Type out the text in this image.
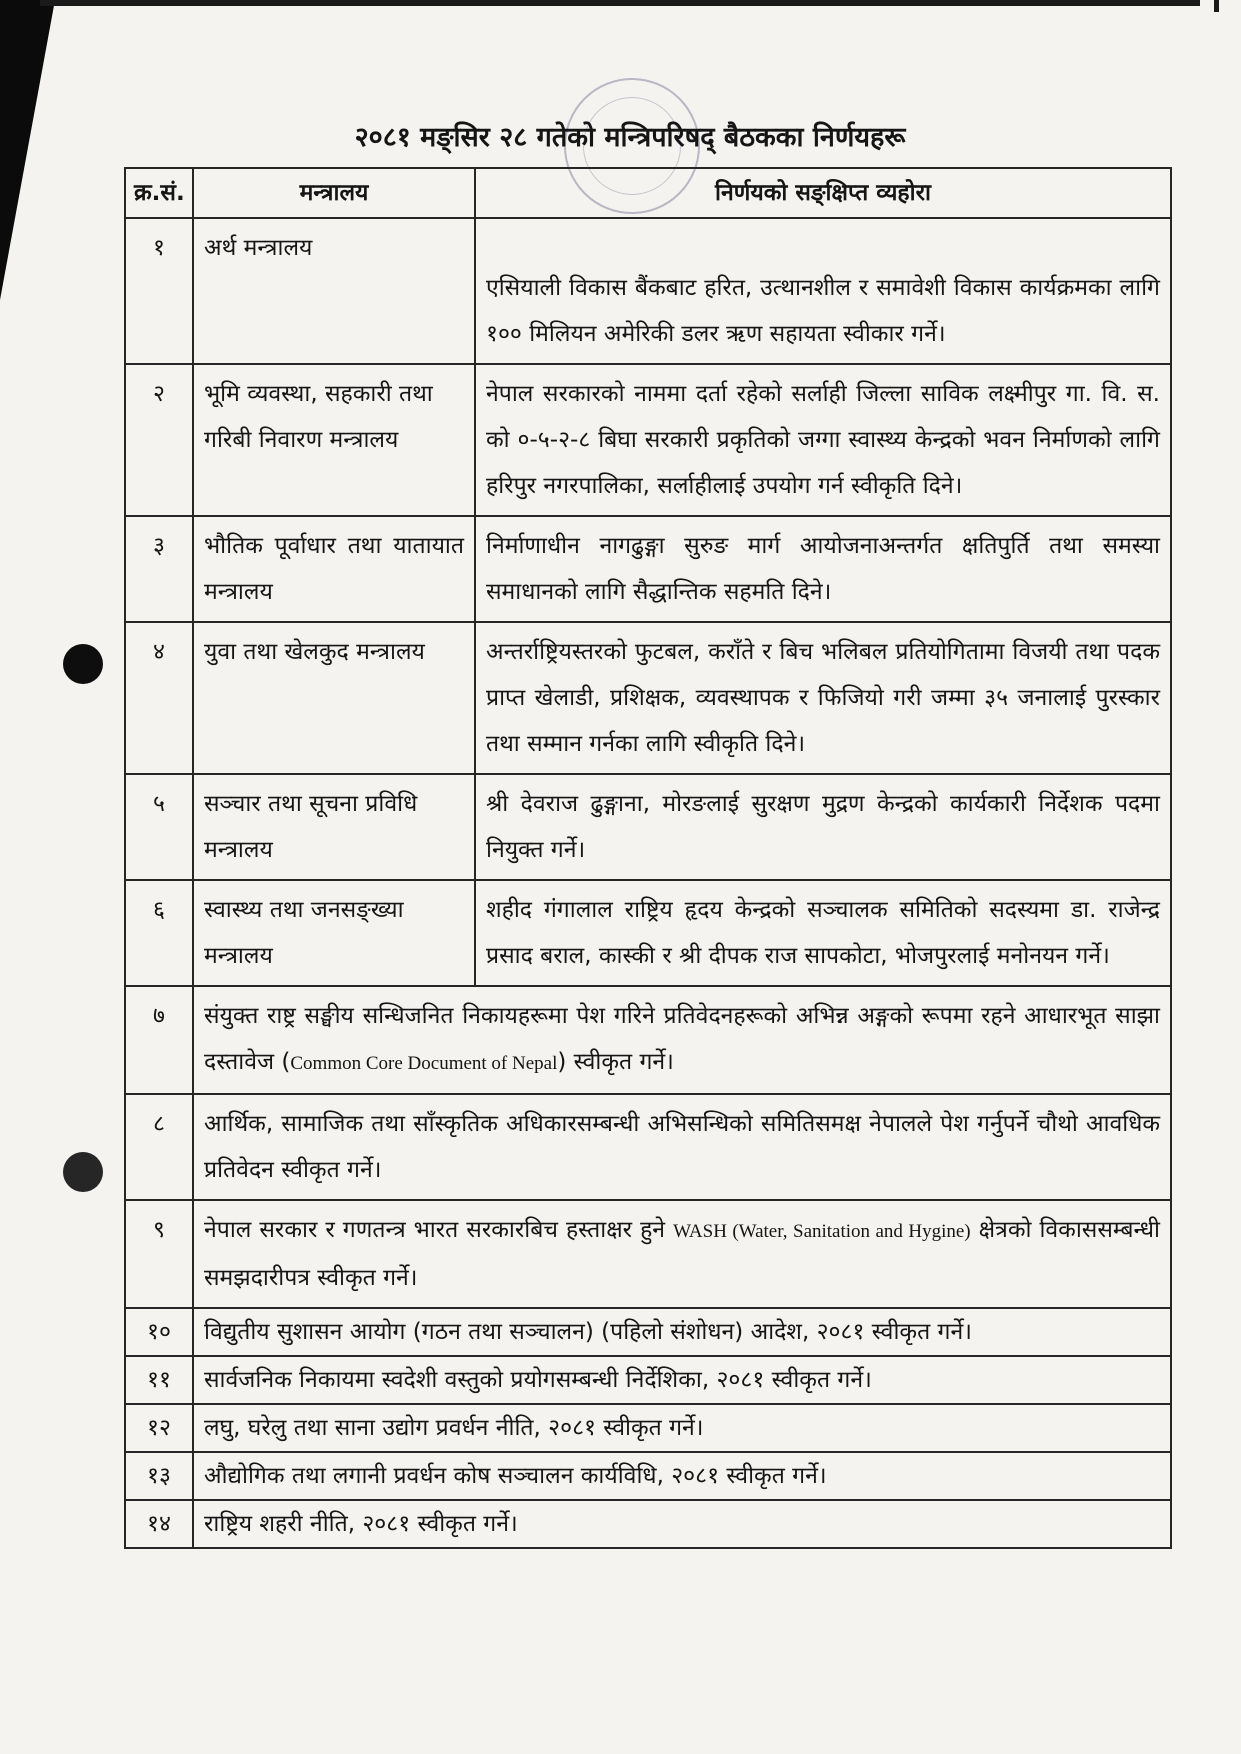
२०८१ मङ्सिर २८ गतेको मन्त्रिपरिषद् बैठकका निर्णयहरू
क्र.सं.	मन्त्रालय	निर्णयको सङ्क्षिप्त व्यहोरा
१	अर्थ मन्त्रालय	एसियाली विकास बैंकबाट हरित, उत्थानशील र समावेशी विकास कार्यक्रमका लागि १०० मिलियन अमेरिकी डलर ऋण सहायता स्वीकार गर्ने।
२	भूमि व्यवस्था, सहकारी तथा गरिबी निवारण मन्त्रालय	नेपाल सरकारको नाममा दर्ता रहेको सर्लाही जिल्ला साविक लक्ष्मीपुर गा. वि. स. को ०-५-२-८ बिघा सरकारी प्रकृतिको जग्गा स्वास्थ्य केन्द्रको भवन निर्माणको लागि हरिपुर नगरपालिका, सर्लाहीलाई उपयोग गर्न स्वीकृति दिने।
३	भौतिक पूर्वाधार तथा यातायात मन्त्रालय	निर्माणाधीन नागढुङ्गा सुरुङ मार्ग आयोजनाअन्तर्गत क्षतिपुर्ति तथा समस्या समाधानको लागि सैद्धान्तिक सहमति दिने।
४	युवा तथा खेलकुद मन्त्रालय	अन्तर्राष्ट्रियस्तरको फुटबल, कराँते र बिच भलिबल प्रतियोगितामा विजयी तथा पदक प्राप्त खेलाडी, प्रशिक्षक, व्यवस्थापक र फिजियो गरी जम्मा ३५ जनालाई पुरस्कार तथा सम्मान गर्नका लागि स्वीकृति दिने।
५	सञ्चार तथा सूचना प्रविधि मन्त्रालय	श्री देवराज ढुङ्गाना, मोरङलाई सुरक्षण मुद्रण केन्द्रको कार्यकारी निर्देशक पदमा नियुक्त गर्ने।
६	स्वास्थ्य तथा जनसङ्ख्या मन्त्रालय	शहीद गंगालाल राष्ट्रिय हृदय केन्द्रको सञ्चालक समितिको सदस्यमा डा. राजेन्द्र प्रसाद बराल, कास्की र श्री दीपक राज सापकोटा, भोजपुरलाई मनोनयन गर्ने।
७	संयुक्त राष्ट्र सङ्घीय सन्धिजनित निकायहरूमा पेश गरिने प्रतिवेदनहरूको अभिन्न अङ्गको रूपमा रहने आधारभूत साझा दस्तावेज (Common Core Document of Nepal) स्वीकृत गर्ने।	
८	आर्थिक, सामाजिक तथा साँस्कृतिक अधिकारसम्बन्धी अभिसन्धिको समितिसमक्ष नेपालले पेश गर्नुपर्ने चौथो आवधिक प्रतिवेदन स्वीकृत गर्ने।	
९	नेपाल सरकार र गणतन्त्र भारत सरकारबिच हस्ताक्षर हुने WASH (Water, Sanitation and Hygine) क्षेत्रको विकाससम्बन्धी समझदारीपत्र स्वीकृत गर्ने।	
१०	विद्युतीय सुशासन आयोग (गठन तथा सञ्चालन) (पहिलो संशोधन) आदेश, २०८१ स्वीकृत गर्ने।	
११	सार्वजनिक निकायमा स्वदेशी वस्तुको प्रयोगसम्बन्धी निर्देशिका, २०८१ स्वीकृत गर्ने।	
१२	लघु, घरेलु तथा साना उद्योग प्रवर्धन नीति, २०८१ स्वीकृत गर्ने।	
१३	औद्योगिक तथा लगानी प्रवर्धन कोष सञ्चालन कार्यविधि, २०८१ स्वीकृत गर्ने।	
१४	राष्ट्रिय शहरी नीति, २०८१ स्वीकृत गर्ने।	
